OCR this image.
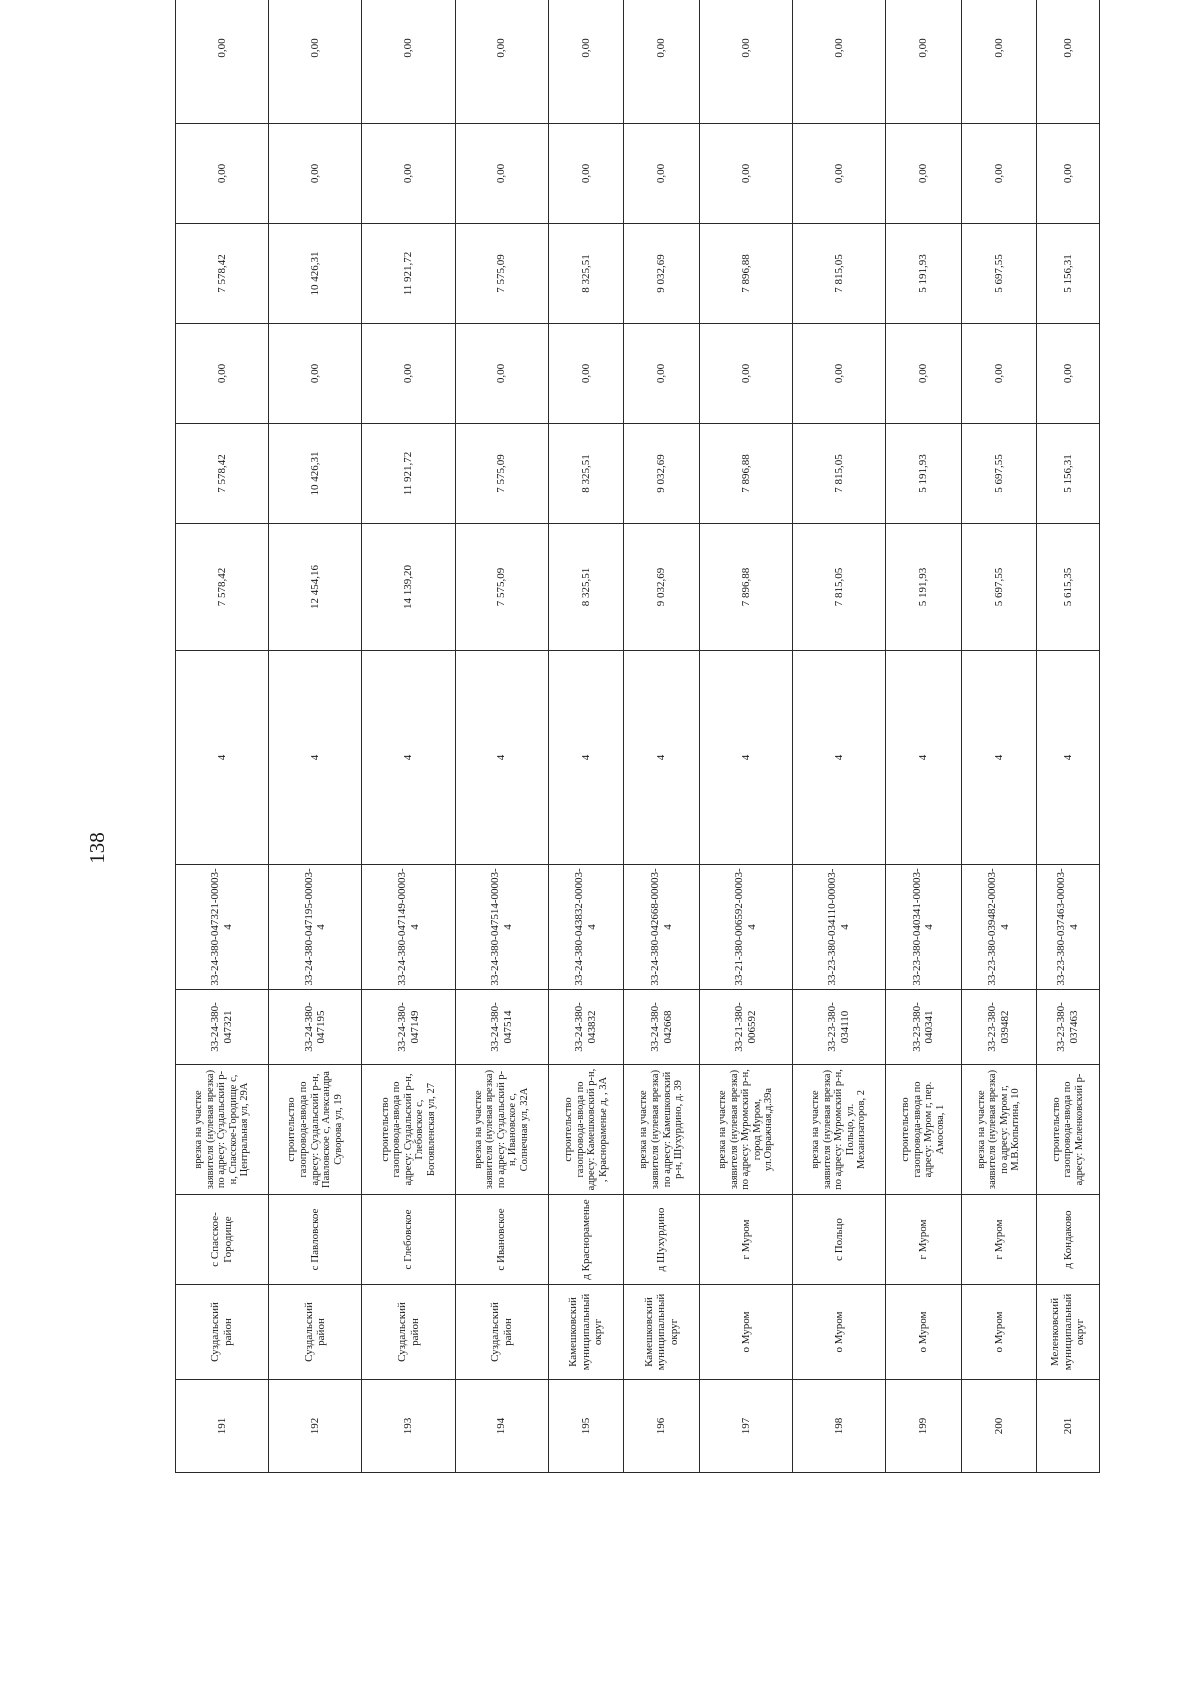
138
191	Суздальский район	с Спасское-Городище	врезка на участке заявителя (нулевая врезка) по адресу: Суздальский р-н, Спасское-Городище с, Центральная ул, 29А	33-24-380-047321	33-24-380-047321-00003-4	4	7 578,42	7 578,42	0,00	7 578,42	0,00	0,00
192	Суздальский район	с Павловское	строительство газопровода-ввода по адресу: Суздальский р-н, Павловское с, Александра Суворова ул, 19	33-24-380-047195	33-24-380-047195-00003-4	4	12 454,16	10 426,31	0,00	10 426,31	0,00	0,00
193	Суздальский район	с Глебовское	строительство газопровода-ввода по адресу: Суздальский р-н, Глебовское с, Богоявленская ул, 27	33-24-380-047149	33-24-380-047149-00003-4	4	14 139,20	11 921,72	0,00	11 921,72	0,00	0,00
194	Суздальский район	с Ивановское	врезка на участке заявителя (нулевая врезка) по адресу: Суздальский р-н, Ивановское с, Солнечная ул, 32А	33-24-380-047514	33-24-380-047514-00003-4	4	7 575,09	7 575,09	0,00	7 575,09	0,00	0,00
195	Камешковский муниципальный округ	д Краснораменье	строительство газопровода-ввода по адресу: Камешковский р-н, , Краснораменье д, , 3А	33-24-380-043832	33-24-380-043832-00003-4	4	8 325,51	8 325,51	0,00	8 325,51	0,00	0,00
196	Камешковский муниципальный округ	д Шухурдино	врезка на участке заявителя (нулевая врезка) по адресу: Камешковский р-н, Шухурдино, д. 39	33-24-380-042668	33-24-380-042668-00003-4	4	9 032,69	9 032,69	0,00	9 032,69	0,00	0,00
197	о Муром	г Муром	врезка на участке заявителя (нулевая врезка) по адресу: Муромский р-н, город Муром, ул.Овражная,д.39а	33-21-380-006592	33-21-380-006592-00003-4	4	7 896,88	7 896,88	0,00	7 896,88	0,00	0,00
198	о Муром	с Польцо	врезка на участке заявителя (нулевая врезка) по адресу: Муромский р-н, Польцо, ул. Механизаторов, 2	33-23-380-034110	33-23-380-034110-00003-4	4	7 815,05	7 815,05	0,00	7 815,05	0,00	0,00
199	о Муром	г Муром	строительство газопровода-ввода по адресу: Муром г, пер. Амосова, 1	33-23-380-040341	33-23-380-040341-00003-4	4	5 191,93	5 191,93	0,00	5 191,93	0,00	0,00
200	о Муром	г Муром	врезка на участке заявителя (нулевая врезка) по адресу: Муром г, М.В.Копытина, 10	33-23-380-039482	33-23-380-039482-00003-4	4	5 697,55	5 697,55	0,00	5 697,55	0,00	0,00
201	Меленковский муниципальный округ	д Кондаково	строительство газопровода-ввода по адресу: Меленковский р-	33-23-380-037463	33-23-380-037463-00003-4	4	5 615,35	5 156,31	0,00	5 156,31	0,00	0,00
